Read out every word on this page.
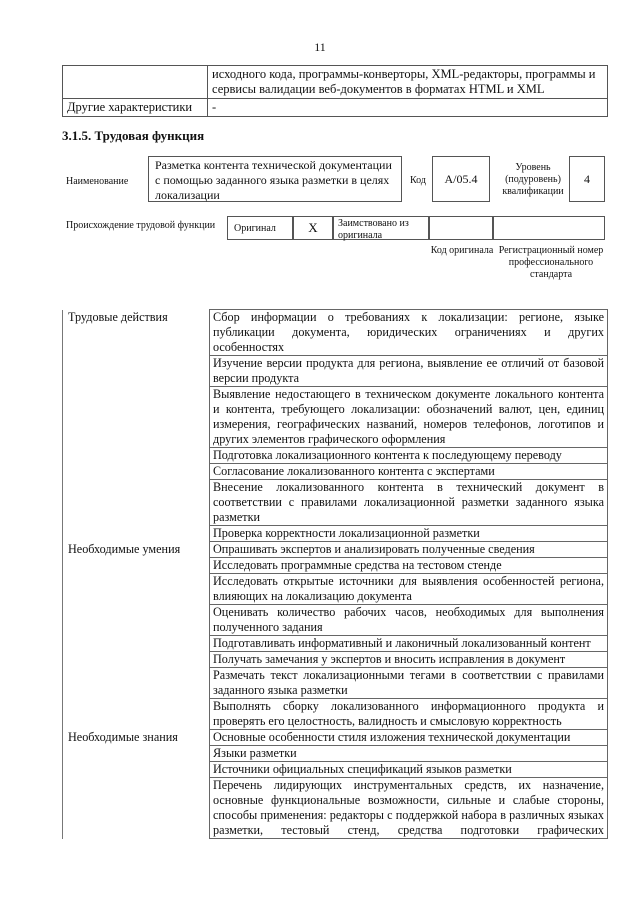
11
	исходного кода, программы-конверторы, XML-редакторы, программы и сервисы валидации веб-документов в форматах HTML и XML
Другие характеристики	-
3.1.5. Трудовая функция
Наименование
Разметка контента технической документации с помощью заданного языка разметки в целях локализации
Код	A/05.4
Уровень (подуровень) квалификации
4
Происхождение трудовой функции	Оригинал	X	Заимствовано из оригинала
Код оригинала Регистрационный номер профессионального стандарта
Трудовые действия	Сбор информации о требованиях к локализации: регионе, языке публикации документа, юридических ограничениях и других особенностях
	Изучение версии продукта для региона, выявление ее отличий от базовой версии продукта
	Выявление недостающего в техническом документе локального контента и контента, требующего локализации: обозначений валют, цен, единиц измерения, географических названий, номеров телефонов, логотипов и других элементов графического оформления
	Подготовка локализационного контента к последующему переводу
	Согласование локализованного контента с экспертами
	Внесение локализованного контента в технический документ в соответствии с правилами локализационной разметки заданного языка разметки
	Проверка корректности локализационной разметки
Необходимые умения	Опрашивать экспертов и анализировать полученные сведения
	Исследовать программные средства на тестовом стенде
	Исследовать открытые источники для выявления особенностей региона, влияющих на локализацию документа
	Оценивать количество рабочих часов, необходимых для выполнения полученного задания
	Подготавливать информативный и лаконичный локализованный контент
	Получать замечания у экспертов и вносить исправления в документ
	Размечать текст локализационными тегами в соответствии с правилами заданного языка разметки
	Выполнять сборку локализованного информационного продукта и проверять его целостность, валидность и смысловую корректность
Необходимые знания	Основные особенности стиля изложения технической документации
	Языки разметки
	Источники официальных спецификаций языков разметки
	Перечень лидирующих инструментальных средств, их назначение, основные функциональные возможности, сильные и слабые стороны, способы применения: редакторы с поддержкой набора в различных языках разметки, тестовый стенд, средства подготовки графических
